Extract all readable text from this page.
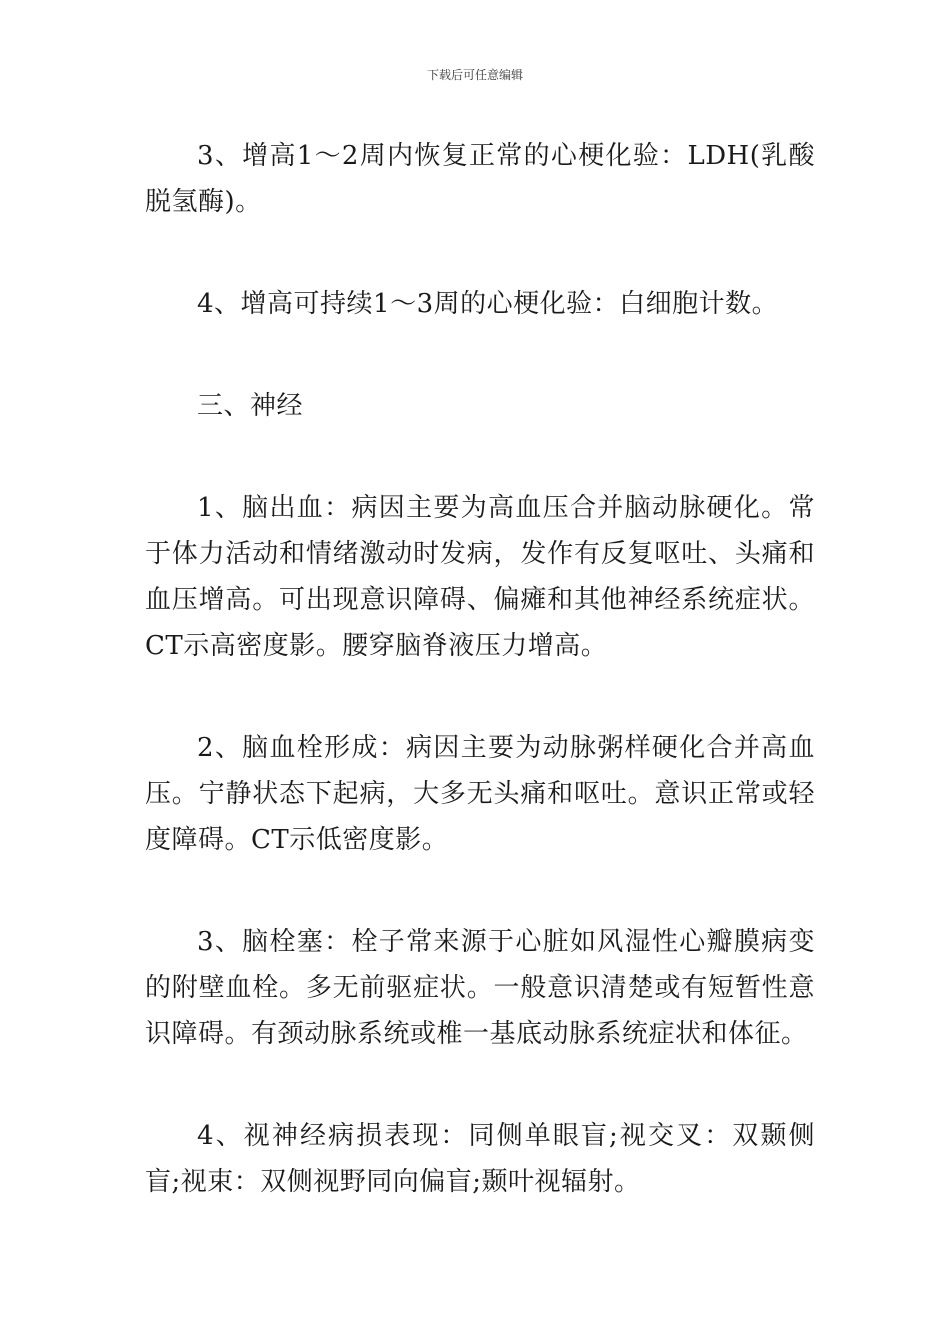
下载后可任意编辑

3、增高1～2周内恢复正常的心梗化验：LDH(乳酸脱氢酶)。

4、增高可持续1～3周的心梗化验：白细胞计数。

三、神经

1、脑出血：病因主要为高血压合并脑动脉硬化。常于体力活动和情绪激动时发病，发作有反复呕吐、头痛和血压增高。可出现意识障碍、偏瘫和其他神经系统症状。CT示高密度影。腰穿脑脊液压力增高。

2、脑血栓形成：病因主要为动脉粥样硬化合并高血压。宁静状态下起病，大多无头痛和呕吐。意识正常或轻度障碍。CT示低密度影。

3、脑栓塞：栓子常来源于心脏如风湿性心瓣膜病变的附壁血栓。多无前驱症状。一般意识清楚或有短暂性意识障碍。有颈动脉系统或椎一基底动脉系统症状和体征。

4、视神经病损表现：同侧单眼盲;视交叉：双颞侧盲;视束：双侧视野同向偏盲;颞叶视辐射。
